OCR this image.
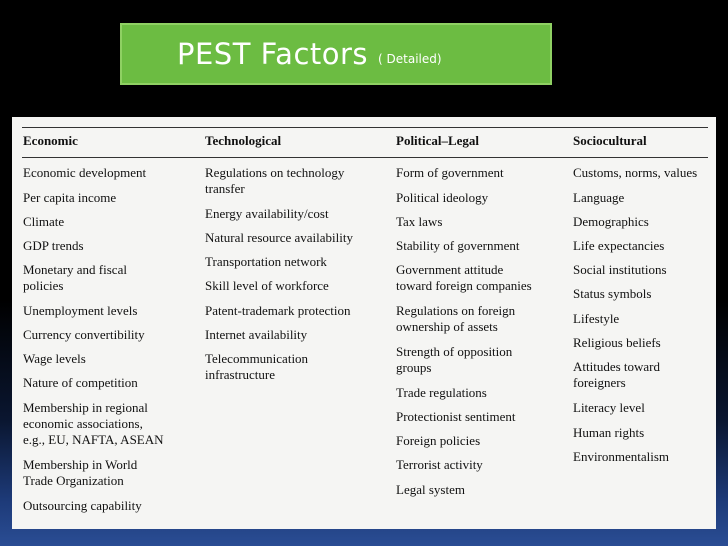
PEST Factors ( Detailed)
Economic
Economic development
Per capita income
Climate
GDP trends
Monetary and fiscal
policies
Unemployment levels
Currency convertibility
Wage levels
Nature of competition
Membership in regional
economic associations,
e.g., EU, NAFTA, ASEAN
Membership in World
Trade Organization
Outsourcing capability
Technological
Regulations on technology
transfer
Energy availability/cost
Natural resource availability
Transportation network
Skill level of workforce
Patent-trademark protection
Internet availability
Telecommunication
infrastructure
Political–Legal
Form of government
Political ideology
Tax laws
Stability of government
Government attitude
toward foreign companies
Regulations on foreign
ownership of assets
Strength of opposition
groups
Trade regulations
Protectionist sentiment
Foreign policies
Terrorist activity
Legal system
Sociocultural
Customs, norms, values
Language
Demographics
Life expectancies
Social institutions
Status symbols
Lifestyle
Religious beliefs
Attitudes toward
foreigners
Literacy level
Human rights
Environmentalism
